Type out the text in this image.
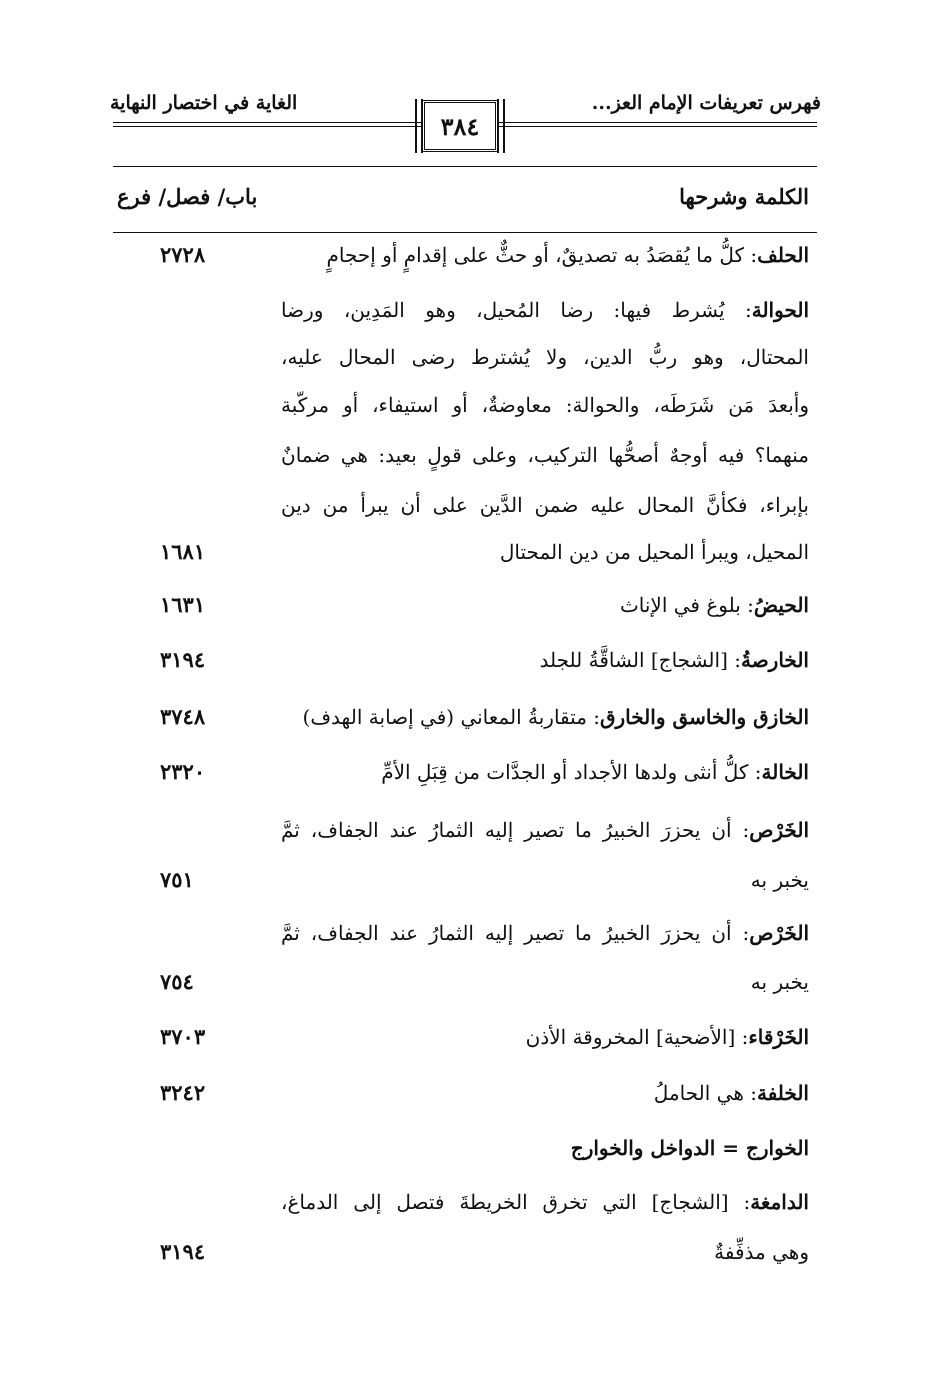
فهرس تعريفات الإمام العز...
الغاية في اختصار النهاية
٣٨٤
الكلمة وشرحها
باب/ فصل/ فرع
الحلف: كلُّ ما يُقصَدُ به تصديقٌ، أو حثٌّ على إقدامٍ أو إحجامٍ
٢٧٢٨
الحوالة: يُشرط فيها: رضا المُحيل، وهو المَدِين، ورضا
المحتال، وهو ربُّ الدين، ولا يُشترط رضى المحال عليه،
وأبعدَ مَن شَرَطَه، والحوالة: معاوضةٌ، أو استيفاء، أو مركّبة
منهما؟ فيه أوجهٌ أصحُّها التركيب، وعلى قولٍ بعيد: هي ضمانٌ
بإبراء، فكأنَّ المحال عليه ضمن الدَّين على أن يبرأ من دين
المحيل، ويبرأ المحيل من دين المحتال
١٦٨١
الحيضُ: بلوغ في الإناث
١٦٣١
الخارصةُ: [الشجاج] الشاقَّةُ للجلد
٣١٩٤
الخازق والخاسق والخارق: متقاربةُ المعاني (في إصابة الهدف)
٣٧٤٨
الخالة: كلُّ أنثى ولدها الأجداد أو الجدَّات من قِبَلِ الأمِّ
٢٣٢٠
الخَرْص: أن يحزرَ الخبيرُ ما تصير إليه الثمارُ عند الجفاف، ثمَّ
يخبر به
٧٥١
الخَرْص: أن يحزرَ الخبيرُ ما تصير إليه الثمارُ عند الجفاف، ثمَّ
يخبر به
٧٥٤
الخَرْقاء: [الأضحية] المخروقة الأذن
٣٧٠٣
الخلفة: هي الحاملُ
٣٢٤٢
الخوارج = الدواخل والخوارج
الدامغة: [الشجاج] التي تخرق الخريطةَ فتصل إلى الدماغ،
وهي مذفِّفةٌ
٣١٩٤
